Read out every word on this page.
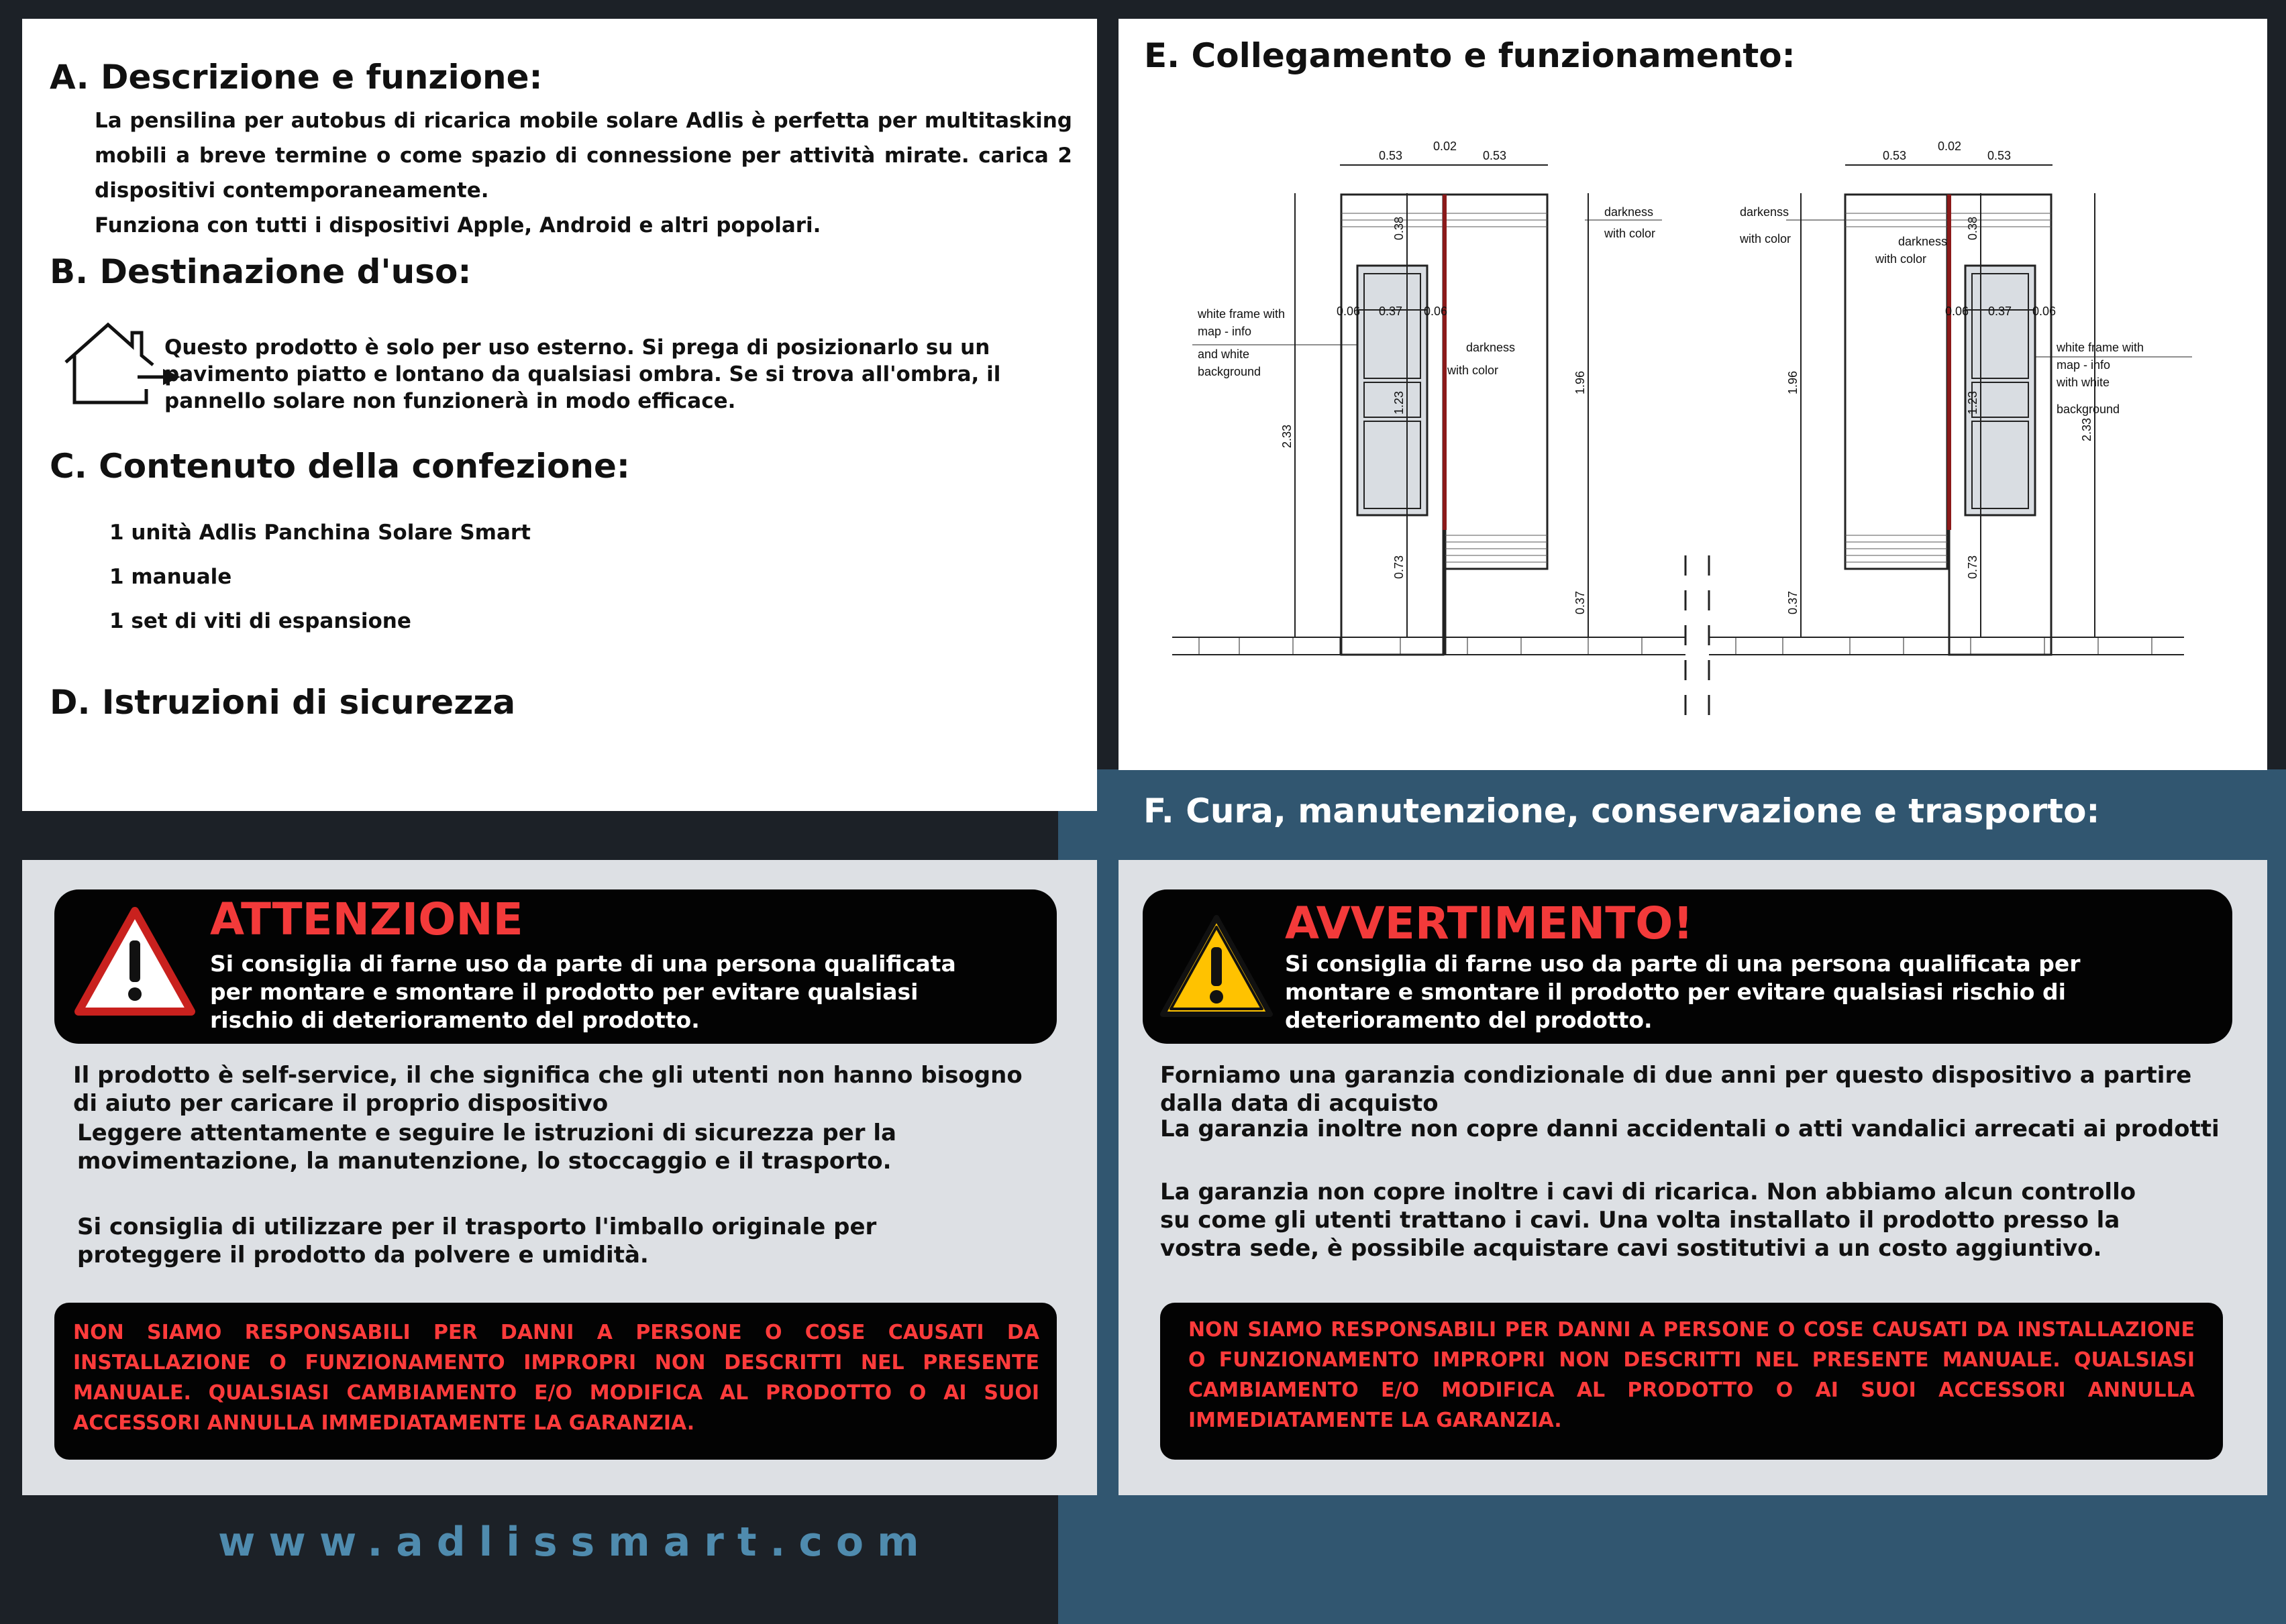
A. Descrizione e funzione:

La pensilina per autobus di ricarica mobile solare Adlis è perfetta per multitasking mobili a breve termine o come spazio di connessione per attività mirate. carica 2 dispositivi contemporaneamente.

Funziona con tutti i dispositivi Apple, Android e altri popolari.

B. Destinazione d'uso:

Questo prodotto è solo per uso esterno. Si prega di posizionarlo su un pavimento piatto e lontano da qualsiasi ombra. Se si trova all'ombra, il pannello solare non funzionerà in modo efficace.

C. Contenuto della confezione:

1 unità Adlis Panchina Solare Smart

1 manuale

1 set di viti di espansione

D. Istruzioni di sicurezza
E. Collegamento e funzionamento:
0.53
0.02
0.53
0.06 0.37 0.06
0.38
1.23
2.33
0.73
1.96
0.37
darkness
with color
darkness
with color
white frame with
map - info
and white
background
0.53
0.02
0.53
0.06 0.37 0.06
0.38
1.23
1.96
0.37
0.73
2.33
darkenss
with color	darkness
with color
white frame with
map - info
with white
background
F. Cura, manutenzione, conservazione e trasporto:

ATTENZIONE

Si consiglia di farne uso da parte di una persona qualificata per montare e smontare il prodotto per evitare qualsiasi rischio di deterioramento del prodotto.

Il prodotto è self-service, il che significa che gli utenti non hanno bisogno di aiuto per caricare il proprio dispositivo

Leggere attentamente e seguire le istruzioni di sicurezza per la movimentazione, la manutenzione, lo stoccaggio e il trasporto.

Si consiglia di utilizzare per il trasporto l'imballo originale per proteggere il prodotto da polvere e umidità.

NON SIAMO RESPONSABILI PER DANNI A PERSONE O COSE CAUSATI DA INSTALLAZIONE O FUNZIONAMENTO IMPROPRI NON DESCRITTI NEL PRESENTE MANUALE. QUALSIASI CAMBIAMENTO E/O MODIFICA AL PRODOTTO O AI SUOI ACCESSORI ANNULLA IMMEDIATAMENTE LA GARANZIA.

AVVERTIMENTO!

Si consiglia di farne uso da parte di una persona qualificata per montare e smontare il prodotto per evitare qualsiasi rischio di deterioramento del prodotto.

Forniamo una garanzia condizionale di due anni per questo dispositivo a partire dalla data di acquisto

La garanzia inoltre non copre danni accidentali o atti vandalici arrecati ai prodotti

La garanzia non copre inoltre i cavi di ricarica. Non abbiamo alcun controllo su come gli utenti trattano i cavi. Una volta installato il prodotto presso la vostra sede, è possibile acquistare cavi sostitutivi a un costo aggiuntivo.

NON SIAMO RESPONSABILI PER DANNI A PERSONE O COSE CAUSATI DA INSTALLAZIONE O FUNZIONAMENTO IMPROPRI NON DESCRITTI NEL PRESENTE MANUALE. QUALSIASI CAMBIAMENTO E/O MODIFICA AL PRODOTTO O AI SUOI ACCESSORI ANNULLA IMMEDIATAMENTE LA GARANZIA.

www.adlissmart.com
